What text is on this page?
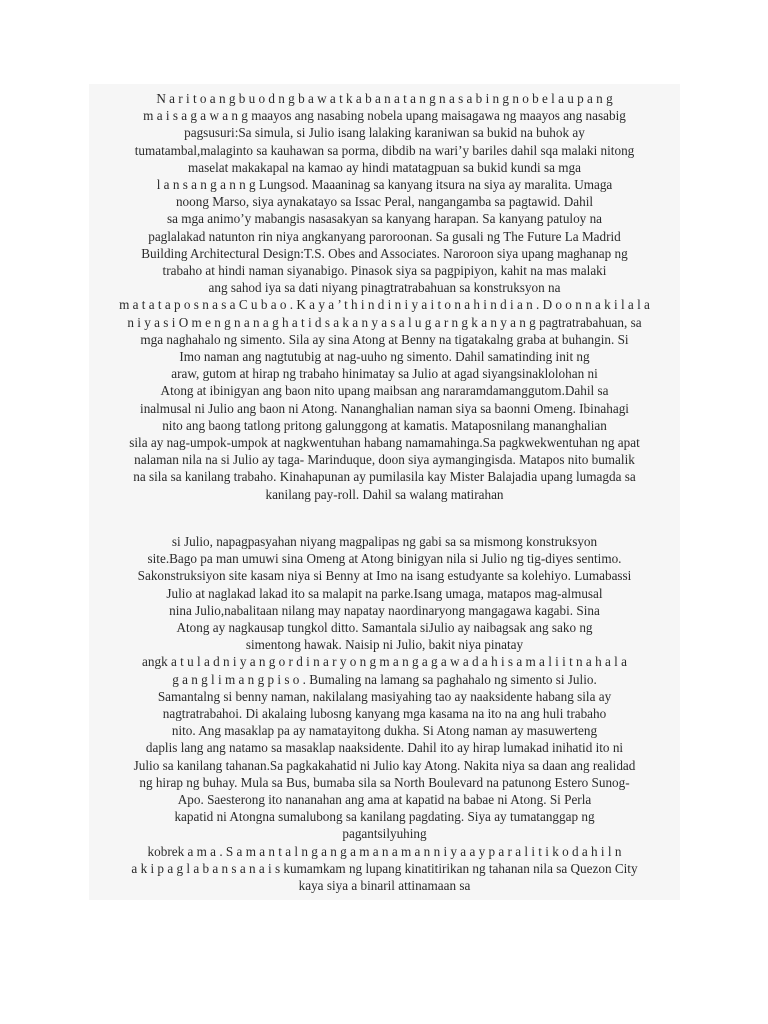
N a r i t o a n g b u o d n g b a w a t k a b a n a t a n g n a s a b i n g n o b e l a u p a n g
m a i s a g a w a n g maayos ang nasabing nobela upang maisagawa ng maayos ang nasabig
pagsusuri:Sa simula, si Julio isang lalaking karaniwan sa bukid na buhok ay
tumatambal,malaginto sa kauhawan sa porma, dibdib na wari’y bariles dahil sqa malaki nitong
maselat makakapal na kamao ay hindi matatagpuan sa bukid kundi sa mga
l a n s a n g a n n g Lungsod. Maaaninag sa kanyang itsura na siya ay maralita. Umaga
noong Marso, siya aynakatayo sa Issac Peral, nangangamba sa pagtawid. Dahil
sa mga animo’y mabangis nasasakyan sa kanyang harapan. Sa kanyang patuloy na
paglalakad natunton rin niya angkanyang paroroonan. Sa gusali ng The Future La Madrid
Building Architectural Design:T.S. Obes and Associates. Naroroon siya upang maghanap ng
trabaho at hindi naman siyanabigo. Pinasok siya sa pagpipiyon, kahit na mas malaki
ang sahod iya sa dati niyang pinagtratrabahuan sa konstruksyon na
m a t a t a p o s n a s a C u b a o . K a y a ’ t h i n d i n i y a i t o n a h i n d i a n . D o o n n a k i l a l a
n i y a s i O m e n g n a n a g h a t i d s a k a n y a s a l u g a r n g k a n y a n g pagtratrabahuan, sa
mga naghahalo ng simento. Sila ay sina Atong at Benny na tigatakalng graba at buhangin. Si
Imo naman ang nagtutubig at nag-uuho ng simento. Dahil samatinding init ng
araw, gutom at hirap ng trabaho hinimatay sa Julio at agad siyangsinaklolohan ni
Atong at ibinigyan ang baon nito upang maibsan ang nararamdamanggutom.Dahil sa
inalmusal ni Julio ang baon ni Atong. Nananghalian naman siya sa baonni Omeng. Ibinahagi
nito ang baong tatlong pritong galunggong at kamatis. Mataposnilang mananghalian
sila ay nag-umpok-umpok at nagkwentuhan habang namamahinga.Sa pagkwekwentuhan ng apat
nalaman nila na si Julio ay taga- Marinduque, doon siya aymangingisda. Matapos nito bumalik
na sila sa kanilang trabaho. Kinahapunan ay pumilasila kay Mister Balajadia upang lumagda sa
kanilang pay-roll. Dahil sa walang matirahan
si Julio, napagpasyahan niyang magpalipas ng gabi sa sa mismong konstruksyon
site.Bago pa man umuwi sina Omeng at Atong binigyan nila si Julio ng tig-diyes sentimo.
Sakonstruksiyon site kasam niya si Benny at Imo na isang estudyante sa kolehiyo. Lumabassi
Julio at naglakad lakad ito sa malapit na parke.Isang umaga, matapos mag-almusal
nina Julio,nabalitaan nilang may napatay naordinaryong mangagawa kagabi. Sina
Atong ay nagkausap tungkol ditto. Samantala siJulio ay naibagsak ang sako ng
simentong hawak. Naisip ni Julio, bakit niya pinatay
angk a t u l a d n i y a n g o r d i n a r y o n g m a n g a g a w a d a h i s a m a l i i t n a h a l a
g a n g l i m a n g p i s o . Bumaling na lamang sa paghahalo ng simento si Julio.
Samantalng si benny naman, nakilalang masiyahing tao ay naaksidente habang sila ay
nagtratrabahoi. Di akalaing lubosng kanyang mga kasama na ito na ang huli trabaho
nito. Ang masaklap pa ay namatayitong dukha. Si Atong naman ay masuwerteng
daplis lang ang natamo sa masaklap naaksidente. Dahil ito ay hirap lumakad inihatid ito ni
Julio sa kanilang tahanan.Sa pagkakahatid ni Julio kay Atong. Nakita niya sa daan ang realidad
ng hirap ng buhay. Mula sa Bus, bumaba sila sa North Boulevard na patunong Estero Sunog-
Apo. Saesterong ito nananahan ang ama at kapatid na babae ni Atong. Si Perla
kapatid ni Atongna sumalubong sa kanilang pagdating. Siya ay tumatanggap ng
pagantsilyuhing
kobrek a m a . S a m a n t a l n g a n g a m a n a m a n n i y a a y p a r a l i t i k o d a h i l n
a k i p a g l a b a n s a n a i s kumamkam ng lupang kinatitirikan ng tahanan nila sa Quezon City
kaya siya a binaril attinamaan sa
